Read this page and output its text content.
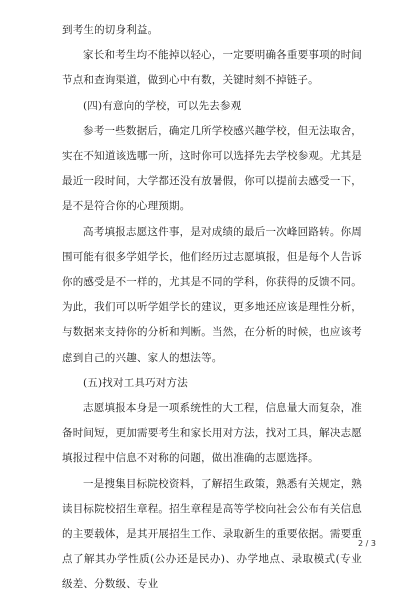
到考生的切身利益。

家长和考生均不能掉以轻心，一定要明确各重要事项的时间节点和查询渠道，做到心中有数，关键时刻不掉链子。

(四)有意向的学校，可以先去参观

参考一些数据后，确定几所学校感兴趣学校，但无法取舍，实在不知道该选哪一所，这时你可以选择先去学校参观。尤其是最近一段时间，大学都还没有放暑假，你可以提前去感受一下，是不是符合你的心理预期。

高考填报志愿这件事，是对成绩的最后一次峰回路转。你周围可能有很多学姐学长，他们经历过志愿填报，但是每个人告诉你的感受是不一样的，尤其是不同的学科，你获得的反馈不同。为此，我们可以听学姐学长的建议，更多地还应该是理性分析，与数据来支持你的分析和判断。当然，在分析的时候，也应该考虑到自己的兴趣、家人的想法等。

(五)找对工具巧对方法

志愿填报本身是一项系统性的大工程，信息量大而复杂，准备时间短，更加需要考生和家长用对方法，找对工具，解决志愿填报过程中信息不对称的问题，做出准确的志愿选择。

一是搜集目标院校资料，了解招生政策，熟悉有关规定，熟读目标院校招生章程。招生章程是高等学校向社会公布有关信息的主要载体，是其开展招生工作、录取新生的重要依据。需要重点了解其办学性质(公办还是民办)、办学地点、录取模式(专业级差、分数级、专业

2 / 3
